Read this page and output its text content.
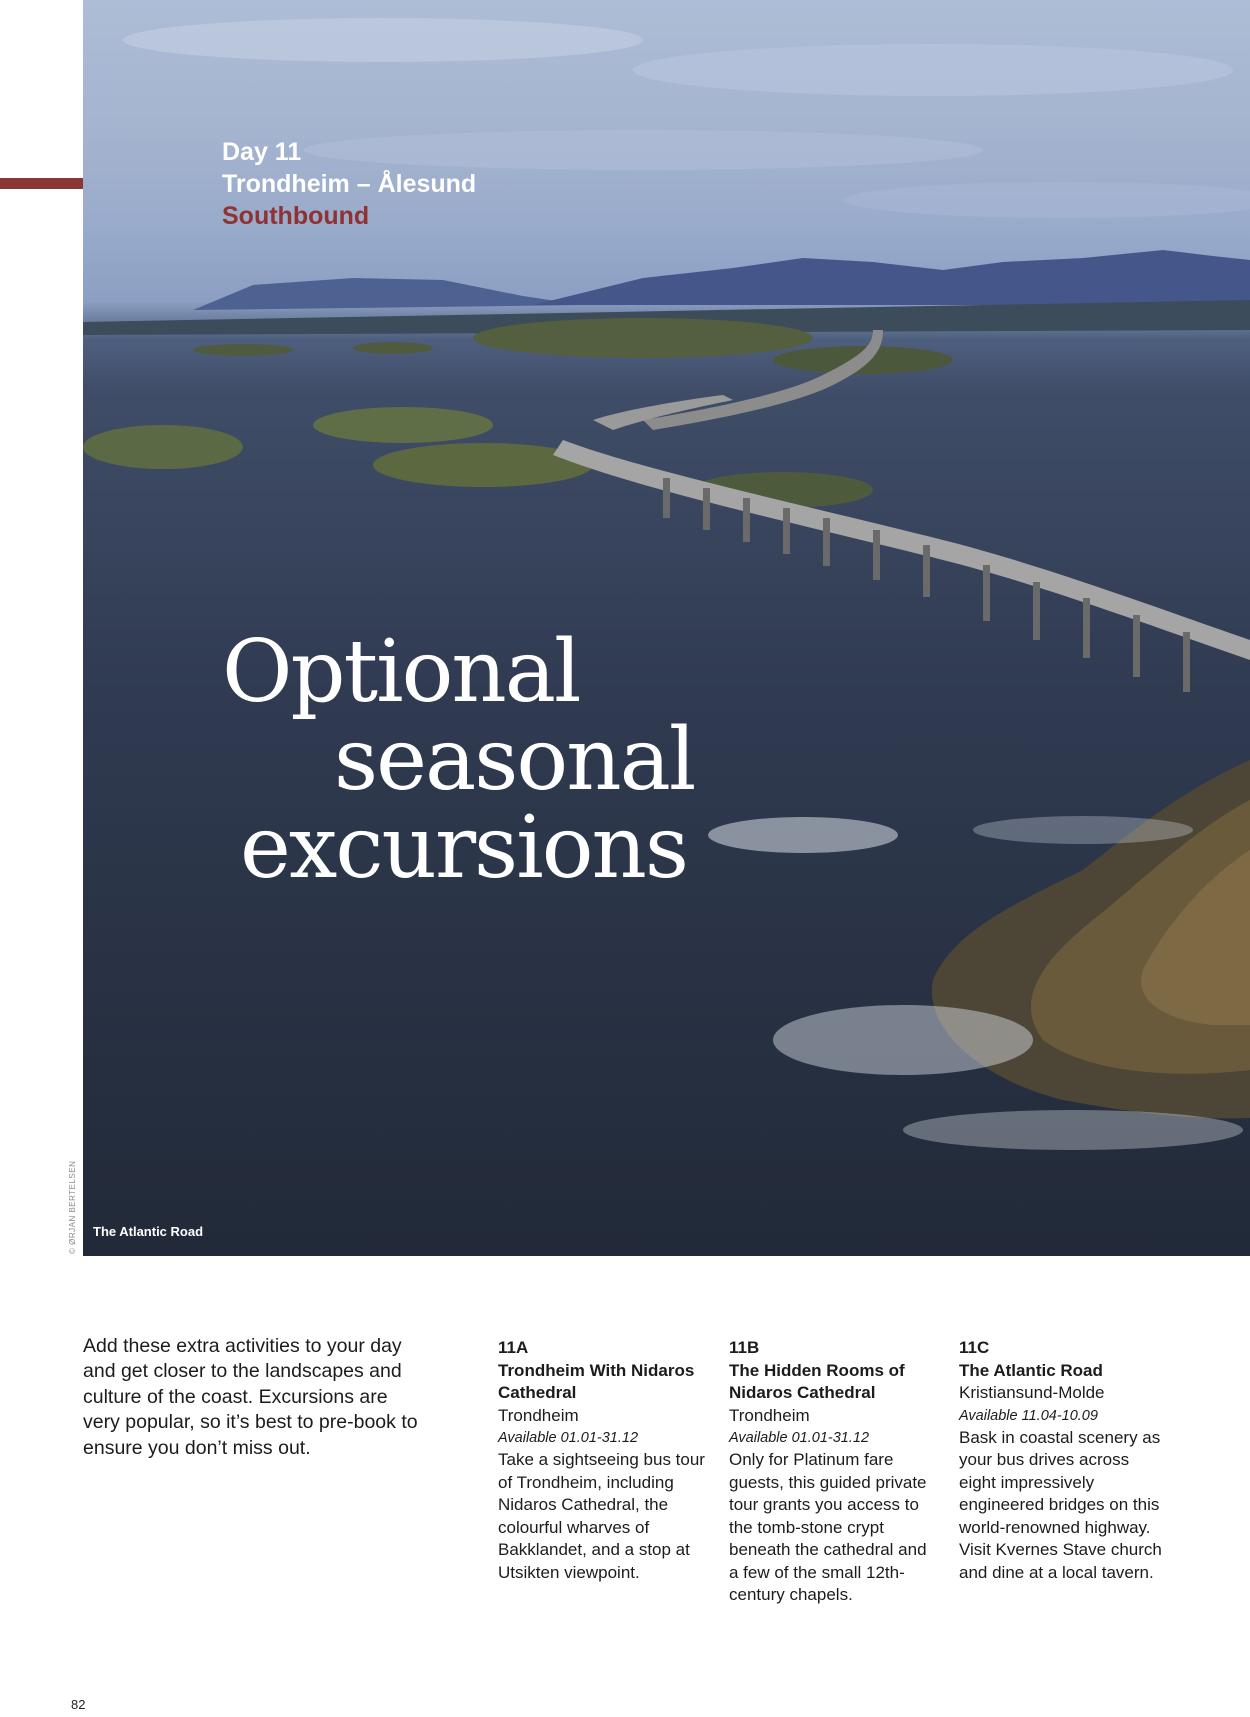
Day 11
Trondheim – Ålesund
Southbound
Optional
seasonal
excursions
The Atlantic Road
© ØRJAN BERTELSEN
Add these extra activities to your day and get closer to the landscapes and culture of the coast. Excursions are very popular, so it’s best to pre-book to ensure you don’t miss out.
11A
Trondheim With Nidaros Cathedral
Trondheim
Available 01.01-31.12
Take a sightseeing bus tour of Trondheim, including Nidaros Cathedral, the colourful wharves of Bakklandet, and a stop at Utsikten viewpoint.
11B
The Hidden Rooms of Nidaros Cathedral
Trondheim
Available 01.01-31.12
Only for Platinum fare guests, this guided private tour grants you access to the tomb-stone crypt beneath the cathedral and a few of the small 12th-century chapels.
11C
The Atlantic Road
Kristiansund-Molde
Available 11.04-10.09
Bask in coastal scenery as your bus drives across eight impressively engineered bridges on this world-renowned highway. Visit Kvernes Stave church and dine at a local tavern.
82
